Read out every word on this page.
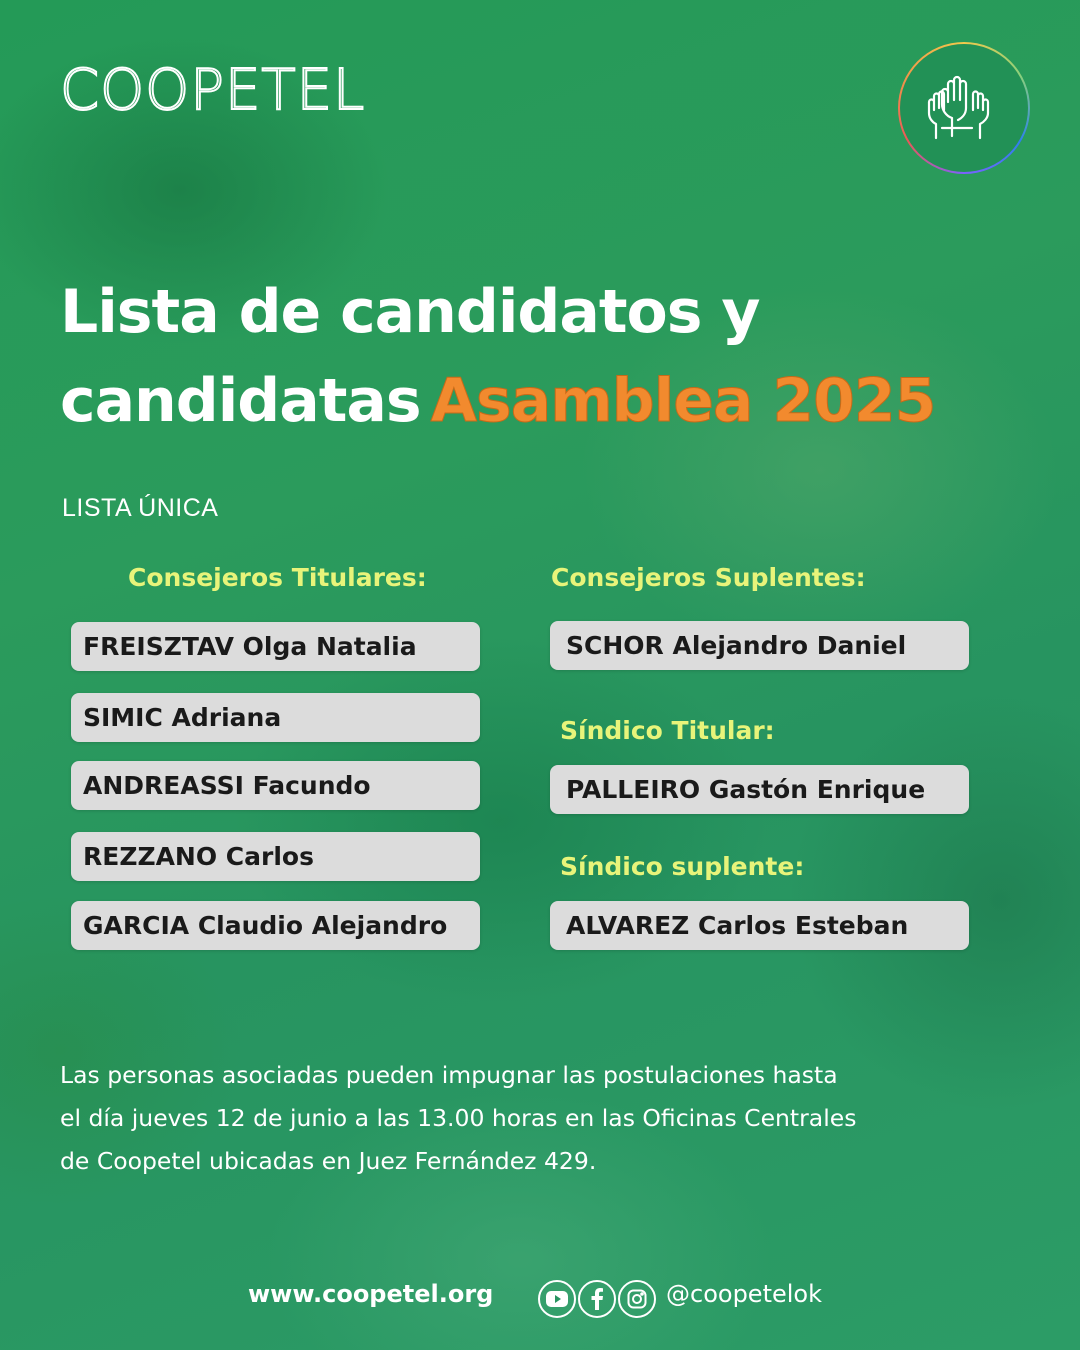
COOPETEL
Lista de candidatos y
candidatas Asamblea 2025
LISTA ÚNICA
Consejeros Titulares:
FREISZTAV Olga Natalia
SIMIC Adriana
ANDREASSI Facundo
REZZANO Carlos
GARCIA Claudio Alejandro
Consejeros Suplentes:
SCHOR Alejandro Daniel
Síndico Titular:
PALLEIRO Gastón Enrique
Síndico suplente:
ALVAREZ Carlos Esteban
Las personas asociadas pueden impugnar las postulaciones hasta
el día jueves 12 de junio a las 13.00 horas en las Oficinas Centrales
de Coopetel ubicadas en Juez Fernández 429.
www.coopetel.org	@coopetelok
